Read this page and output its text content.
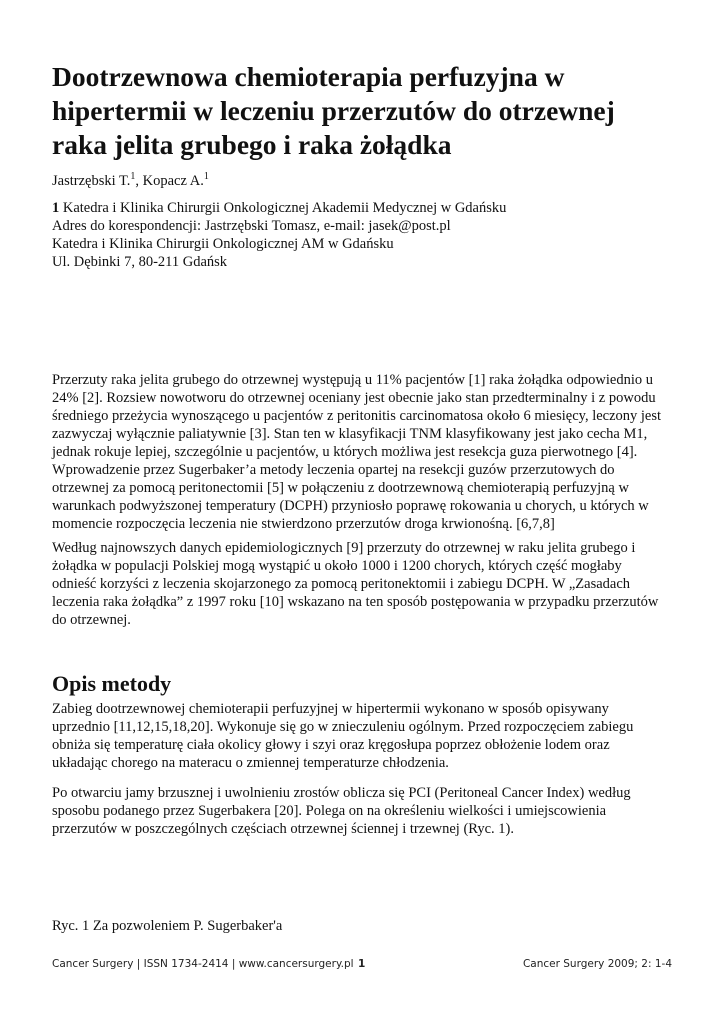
Dootrzewnowa chemioterapia perfuzyjna w
hipertermii w leczeniu przerzutów do otrzewnej
raka jelita grubego i raka żołądka
Jastrzębski T.$^1$, Kopacz A.$^1$
1 Katedra i Klinika Chirurgii Onkologicznej Akademii Medycznej w Gdańsku
Adres do korespondencji: Jastrzębski Tomasz, e-mail: jasek@post.pl
Katedra i Klinika Chirurgii Onkologicznej AM w Gdańsku
Ul. Dębinki 7, 80-211 Gdańsk

Przerzuty raka jelita grubego do otrzewnej występują u 11% pacjentów [1] raka żołądka odpowiednio u
24% [2]. Rozsiew nowotworu do otrzewnej oceniany jest obecnie jako stan przedterminalny i z powodu
średniego przeżycia wynoszącego u pacjentów z peritonitis carcinomatosa około 6 miesięcy, leczony jest
zazwyczaj wyłącznie paliatywnie [3]. Stan ten w klasyfikacji TNM klasyfikowany jest jako cecha M1,
jednak rokuje lepiej, szczególnie u pacjentów, u których możliwa jest resekcja guza pierwotnego [4].
Wprowadzenie przez Sugerbaker’a metody leczenia opartej na resekcji guzów przerzutowych do
otrzewnej za pomocą peritonectomii [5] w połączeniu z dootrzewnową chemioterapią perfuzyjną w
warunkach podwyższonej temperatury (DCPH) przyniosło poprawę rokowania u chorych, u których w
momencie rozpoczęcia leczenia nie stwierdzono przerzutów droga krwionośną. [6,7,8]

Według najnowszych danych epidemiologicznych [9] przerzuty do otrzewnej w raku jelita grubego i
żołądka w populacji Polskiej mogą wystąpić u około 1000 i 1200 chorych, których część mogłaby
odnieść korzyści z leczenia skojarzonego za pomocą peritonektomii i zabiegu DCPH. W „Zasadach
leczenia raka żołądka” z 1997 roku [10] wskazano na ten sposób postępowania w przypadku przerzutów
do otrzewnej.

Opis metody

Zabieg dootrzewnowej chemioterapii perfuzyjnej w hipertermii wykonano w sposób opisywany
uprzednio [11,12,15,18,20]. Wykonuje się go w znieczuleniu ogólnym. Przed rozpoczęciem zabiegu
obniża się temperaturę ciała okolicy głowy i szyi oraz kręgosłupa poprzez obłożenie lodem oraz
układając chorego na materacu o zmiennej temperaturze chłodzenia.

Po otwarciu jamy brzusznej i uwolnieniu zrostów oblicza się PCI (Peritoneal Cancer Index) według
sposobu podanego przez Sugerbakera [20]. Polega on na określeniu wielkości i umiejscowienia
przerzutów w poszczególnych częściach otrzewnej ściennej i trzewnej (Ryc. 1).

Ryc. 1 Za pozwoleniem P. Sugerbaker'a
Cancer Surgery | ISSN 1734-2414 | www.cancersurgery.pl 1	Cancer Surgery 2009; 2: 1-4
